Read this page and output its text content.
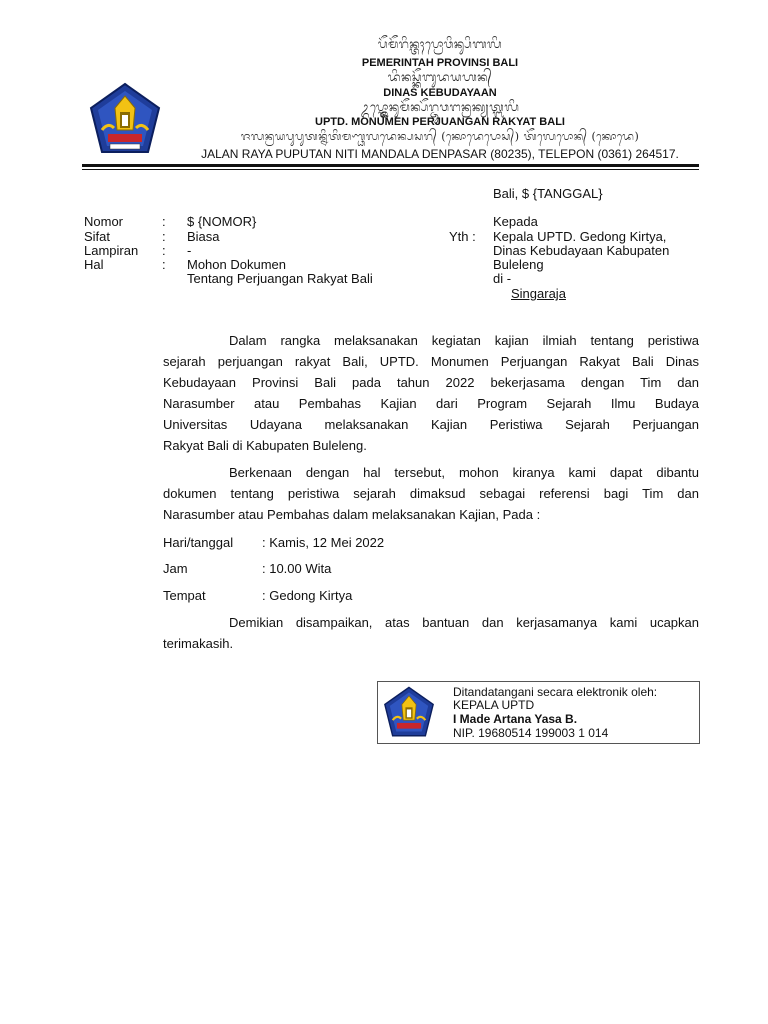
ᬧᭂᬫᭂᬭᬶᬦ᭄ᬢᬄᬧ᭄ᬭᭀᬯᬶᬦ᭄ᬲᬶᬩᬮᬶ
PEMERINTAH PROVINSI BALI
ᬤᬶᬦᬲ᭄ᬓᭂᬩᬸᬤᬬᬳᬦ᭄
DINAS KEBUDAYAAN
ᬉᬧ᭄ᬢ᭄ᬤ᭄ᬫᭀᬦᬸᬫᭂᬦ᭄ᬧᭂᬭ᭄ᬚᬸᬯᬗᬦ᭄ᬭᬓ᭄ᬬᬢ᭄ᬩᬮᬶ
UPTD. MONUMEN PERJUANGAN RAKYAT BALI
ᬚᬮᬦ᭄ᬭᬬᬧᬸᬧᬸᬢᬦ᭄ᬦᬶᬢᬶᬫᬡ᭄ᬥᬮᬤᬾᬦ᭄ᬧᬲᬭ᭄ (ᬓᭀᬤᬾᬧᭀᬲ᭄) ᬢᭂᬮᬾᬧᭀᬦ᭄ (ᬓᭀᬤᬾ)
JALAN RAYA PUPUTAN NITI MANDALA DENPASAR (80235), TELEPON (0361) 264517.
Bali, $ {TANGGAL}
Nomor	: $ {NOMOR}
Sifat	: Biasa
Lampiran : -
Hal	: Mohon Dokumen
Tentang Perjuangan Rakyat Bali
Kepada
Yth : Kepala UPTD. Gedong Kirtya,
Dinas Kebudayaan Kabupaten
Buleleng
di -
Singaraja
Dalam rangka melaksanakan kegiatan kajian ilmiah tentang peristiwa
sejarah perjuangan rakyat Bali, UPTD. Monumen Perjuangan Rakyat Bali Dinas
Kebudayaan Provinsi Bali pada tahun 2022 bekerjasama dengan Tim dan
Narasumber atau Pembahas Kajian dari Program Sejarah Ilmu Budaya
Universitas Udayana melaksanakan Kajian Peristiwa Sejarah Perjuangan
Rakyat Bali di Kabupaten Buleleng.
Berkenaan dengan hal tersebut, mohon kiranya kami dapat dibantu
dokumen tentang peristiwa sejarah dimaksud sebagai referensi bagi Tim dan
Narasumber atau Pembahas dalam melaksanakan Kajian, Pada :
Hari/tanggal : Kamis, 12 Mei 2022
Jam	: 10.00 Wita
Tempat	: Gedong Kirtya
Demikian disampaikan, atas bantuan dan kerjasamanya kami ucapkan
terimakasih.
Ditandatangani secara elektronik oleh:
KEPALA UPTD
I Made Artana Yasa B.
NIP. 19680514 199003 1 014
